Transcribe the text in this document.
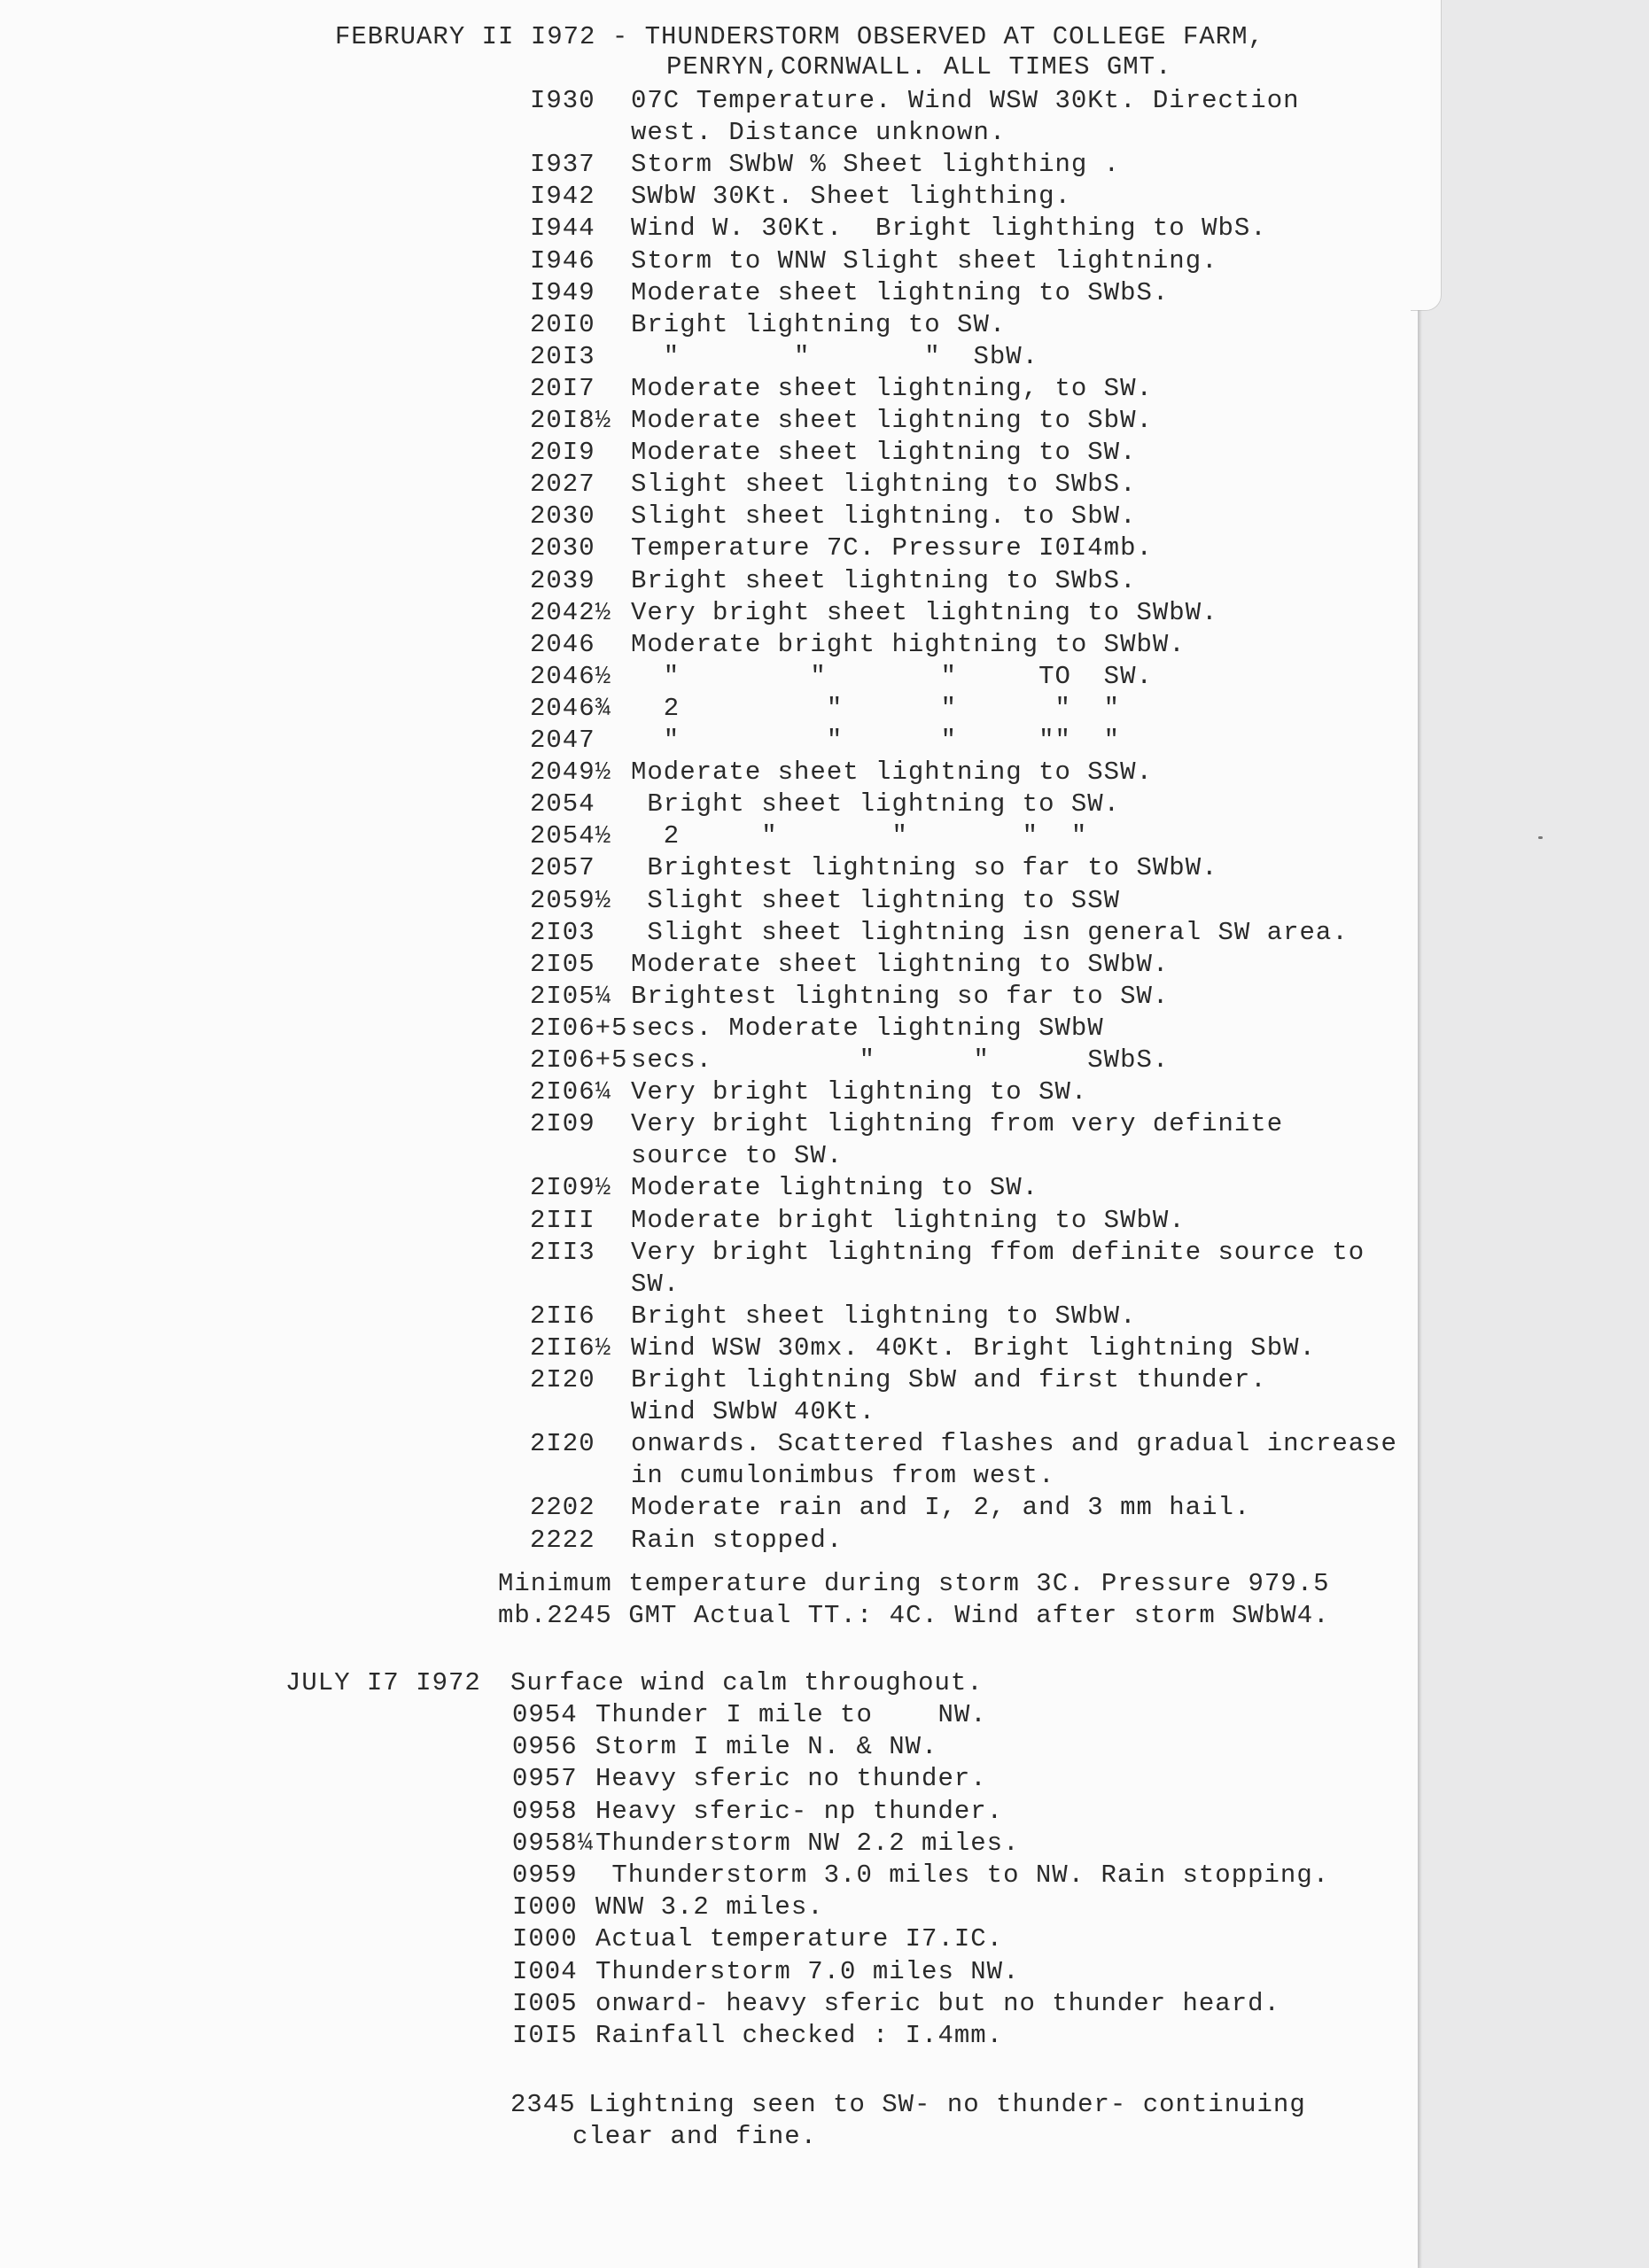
FEBRUARY II I972 - THUNDERSTORM OBSERVED AT COLLEGE FARM,
PENRYN,CORNWALL. ALL TIMES GMT.
I930 07C Temperature. Wind WSW 30Kt. Direction
west. Distance unknown.
I937 Storm SWbW % Sheet lighthing .
I942 SWbW 30Kt. Sheet lighthing.
I944 Wind W. 30Kt.  Bright lighthing to WbS.
I946 Storm to WNW Slight sheet lightning.
I949 Moderate sheet lightning to SWbS.
20I0 Bright lightning to SW.
20I3 "       "       "  SbW.
20I7 Moderate sheet lightning, to SW.
20I8½ Moderate sheet lightning to SbW.
20I9 Moderate sheet lightning to SW.
2027 Slight sheet lightning to SWbS.
2030 Slight sheet lightning. to SbW.
2030 Temperature 7C. Pressure I0I4mb.
2039 Bright sheet lightning to SWbS.
2042½ Very bright sheet lightning to SWbW.
2046 Moderate bright hightning to SWbW.
2046½ "        "       "     TO  SW.
2046¾ 2         "      "      "  "
2047 "         "      "     ""  "
2049½ Moderate sheet lightning to SSW.
2054 Bright sheet lightning to SW.
2054½ 2     "       "       "  "
2057 Brightest lightning so far to SWbW.
2059½ Slight sheet lightning to SSW
2I03 Slight sheet lightning isn general SW area.
2I05 Moderate sheet lightning to SWbW.
2I05¼ Brightest lightning so far to SW.
2I06+5 secs. Moderate lightning SWbW
2I06+5 secs.         "      "      SWbS.
2I06¼ Very bright lightning to SW.
2I09 Very bright lightning from very definite
source to SW.
2I09½ Moderate lightning to SW.
2III Moderate bright lightning to SWbW.
2II3 Very bright lightning ffom definite source to
SW.
2II6 Bright sheet lightning to SWbW.
2II6½ Wind WSW 30mx. 40Kt. Bright lightning SbW.
2I20 Bright lightning SbW and first thunder.
Wind SWbW 40Kt.
2I20 onwards. Scattered flashes and gradual increase
in cumulonimbus from west.
2202 Moderate rain and I, 2, and 3 mm hail.
2222 Rain stopped.
Minimum temperature during storm 3C. Pressure 979.5
mb.2245 GMT Actual TT.: 4C. Wind after storm SWbW4.
JULY I7 I972 Surface wind calm throughout.
0954 Thunder I mile to    NW.
0956 Storm I mile N. & NW.
0957 Heavy sferic no thunder.
0958 Heavy sferic- np thunder.
0958¼ Thunderstorm NW 2.2 miles.
0959 Thunderstorm 3.0 miles to NW. Rain stopping.
I000 WNW 3.2 miles.
I000 Actual temperature I7.IC.
I004 Thunderstorm 7.0 miles NW.
I005 onward- heavy sferic but no thunder heard.
I0I5 Rainfall checked : I.4mm.
2345 Lightning seen to SW- no thunder- continuing
clear and fine.
